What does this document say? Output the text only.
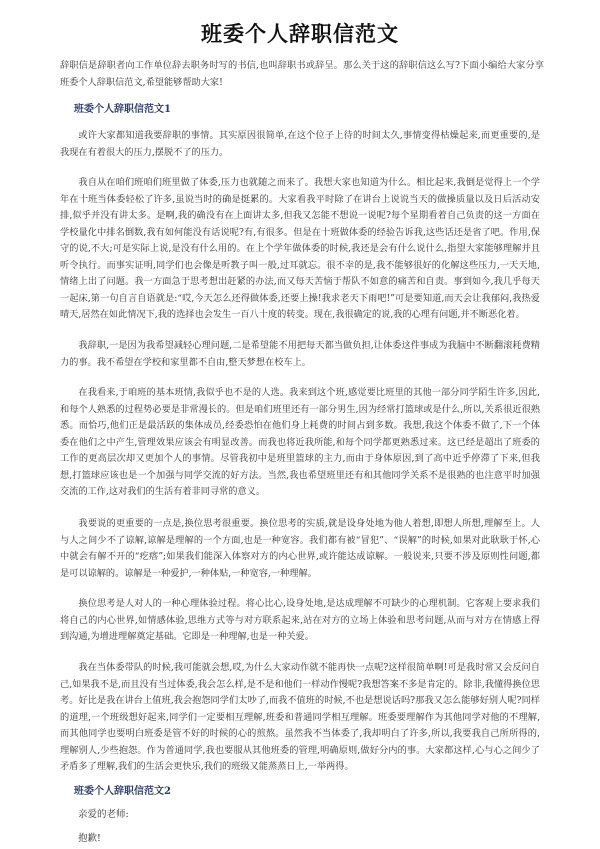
班委个人辞职信范文

辞职信是辞职者向工作单位辞去职务时写的书信,也叫辞职书或辞呈。那么关于这的辞职信这么写?下面小编给大家分享班委个人辞职信范文,希望能够帮助大家!

班委个人辞职信范文1

或许大家都知道我要辞职的事情。其实原因很简单,在这个位子上待的时间太久,事情变得枯燥起来,而更重要的,是我现在有着很大的压力,摆脱不了的压力。

我自从在咱们班咱们班里做了体委,压力也就随之而来了。我想大家也知道为什么。相比起来,我倒是觉得上一个学年在十班当体委轻松了许多,虽说当时的确是挺累的。大家看我平时除了在讲台上说说当天的做操质量以及日后活动安排,似乎并没有讲太多。是啊,我的确没有在上面讲太多,但我又怎能不想说一说呢?每个星期看着自己负责的这一方面在学校量化中排名倒数,我有如何能没有话说呢?有,有很多。但是在十班做体委的经验告诉我,这些话还是省了吧。作用,保守的说,不大;可是实际上说,是没有什么用的。在上个学年做体委的时候,我还是会有什么说什么,指望大家能够理解并且听令执行。而事实证明,同学们也会像是听教子叫一般,过耳就忘。很不幸的是,我不能够很好的化解这些压力,一天天地,情绪上出了问题。我一方面急于思考想出赶紧的办法,而又每天苦恼于帮队不如意的痛苦和自责。事到如今,我几乎每天一起床,第一句自言自语就是:“哎,今天怎么还得做体委,还要上操!我求老天下雨吧!”可是要知道,而天会让我郁闷,我热爱晴天,居然在如此情况下,我的选择也会发生一百八十度的转变。现在,我很确定的说,我的心理有问题,并不断恶化着。

我辞职,一是因为我希望减轻心理问题,二是希望能不用把每天都当做负担,让体委这件事成为我脑中不断翻滚耗费精力的事。我不希望在学校和家里都不自由,整天梦想在校车上。

在我看来,于咱班的基本班情,我似乎也不是的人选。我来到这个班,感觉要比班里的其他一部分同学陌生许多,因此,和每个人熟悉的过程势必要是非常漫长的。但是咱们班里还有一部分男生,因为经常打篮球或是什么,所以,关系很近很熟悉。而恰巧,他们正是最活跃的集体成员,经委恐怕在他们身上耗费的时间占到多数。我想,我这个体委不做了,下一个体委在他们之中产生,管理效果应该会有明显改善。而我也将近我所能,和每个同学都更熟悉过来。这已经是超出了班委的工作的更高层次却又更加个人的事情。尽管我初中是班里篮球的主力,而由于身体原因,到了高中近乎停滞了下来,但我想,打篮球应该也是一个加强与同学交流的好方法。当然,我也希望班里还有和其他同学关系不是很熟的也注意平时加强交流的工作,这对我们的生活有着非同寻常的意义。

我要说的更重要的一点是,换位思考很重要。换位思考的实质,就是设身处地为他人着想,即想人所想,理解至上。人与人之间少不了谅解,谅解是理解的一个方面,也是一种宽容。我们都有被“冒犯”、“误解”的时候,如果对此耿耿于怀,心中就会有解不开的“疙瘩”;如果我们能深入体察对方的内心世界,或许能达成谅解。一般说来,只要不涉及原则性问题,都是可以谅解的。谅解是一种爱护,一种体贴,一种宽容,一种理解。

换位思考是人对人的一种心理体验过程。将心比心,设身处地,是达成理解不可缺少的心理机制。它客观上要求我们将自己的内心世界,如情感体验,思维方式等与对方联系起来,站在对方的立场上体验和思考问题,从而与对方在情感上得到沟通,为增进理解奠定基础。它即是一种理解,也是一种关爱。

我在当体委带队的时候,我可能就会想,哎,为什么大家动作就不能再快一点呢?这样很简单啊!可是我时常又会反问自己,如果我不是,而且没有当过体委,我会怎么样,是不是和他们一样动作慢呢?我想答案不多是肯定的。除非,我懂得换位思考。好比是我在讲台上值班,我会抱怨同学们太吵了,而我不值班的时候,不也是想说话吗?那我又怎么能够好别人呢?同样的道理,一个班级想好起来,同学们一定要相互理解,班委和普通同学相互理解。班委要理解作为其他同学对他的不理解,而其他同学也要明白班委是管不好的时候的心的煎熬。虽然我不当体委了,我却明白了许多,所以,我要我自己所所得的,理解别人,少些抱怨。作为普通同学,我也要服从其他班委的管理,明确原则,做好分内的事。大家都这样,心与心之间少了矛盾多了理解,我们的生活会更快乐,我们的班级又能蒸蒸日上,一举两得。

班委个人辞职信范文2

亲爱的老师:

抱歉!
